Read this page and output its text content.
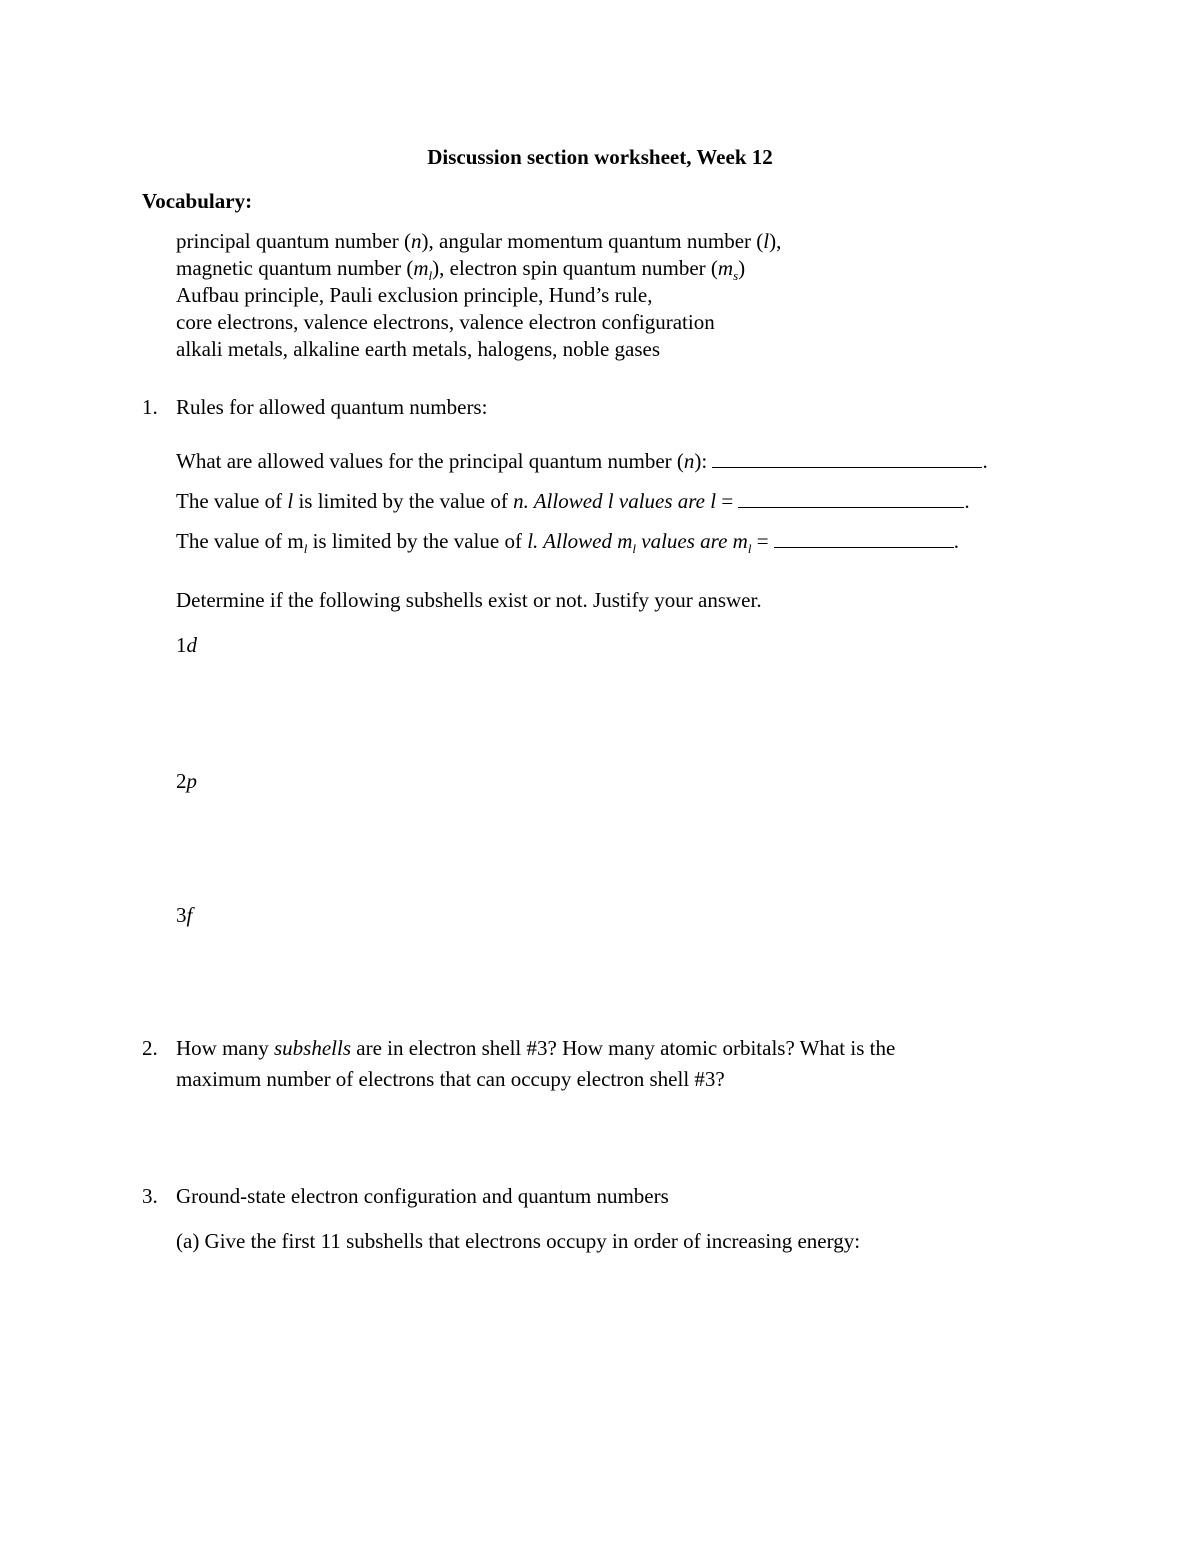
Discussion section worksheet, Week 12
Vocabulary:
principal quantum number (n), angular momentum quantum number (l),
magnetic quantum number $(m_l)$, electron spin quantum number $(m_s)$
Aufbau principle, Pauli exclusion principle, Hund’s rule,
core electrons, valence electrons, valence electron configuration
alkali metals, alkaline earth metals, halogens, noble gases
1. Rules for allowed quantum numbers:
What are allowed values for the principal quantum number (n):	.
The value of l is limited by the value of n. Allowed l values are l =	.
The value of $m_l$ is limited by the value of l. Allowed $m_l$ values are $m_l$ =	.
Determine if the following subshells exist or not. Justify your answer.
1d
2p
3f
2. How many subshells are in electron shell #3? How many atomic orbitals? What is the
maximum number of electrons that can occupy electron shell #3?
3. Ground-state electron configuration and quantum numbers
(a) Give the first 11 subshells that electrons occupy in order of increasing energy:
